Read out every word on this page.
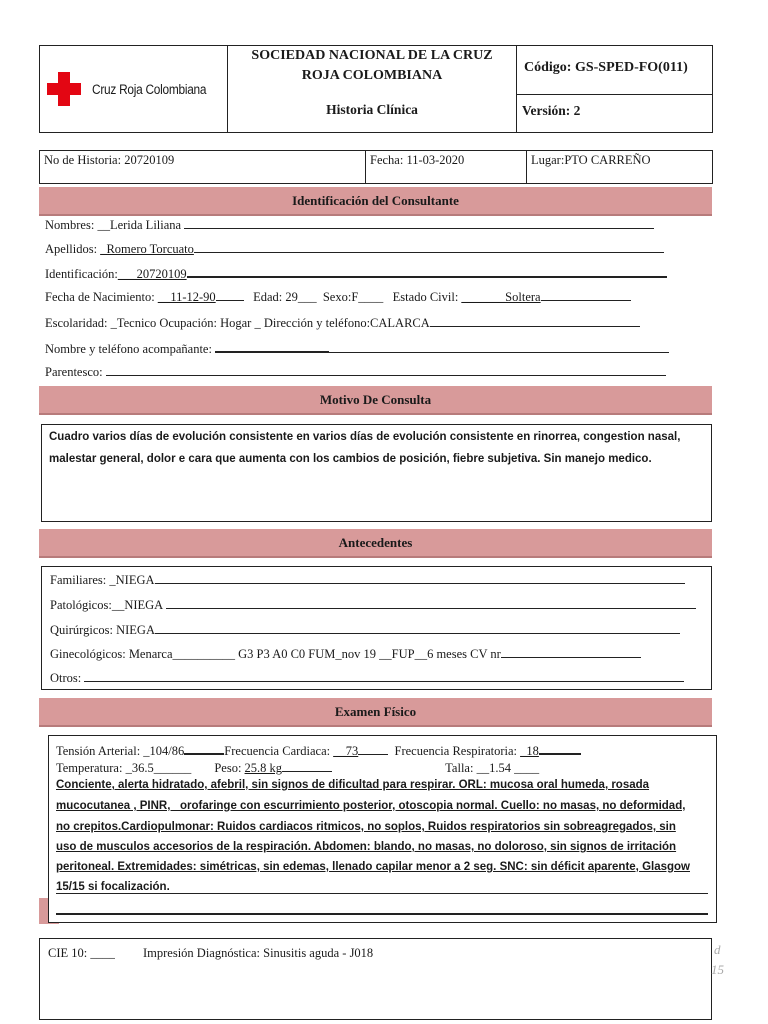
Cruz Roja Colombiana
SOCIEDAD NACIONAL DE LA CRUZ
ROJA COLOMBIANA
Historia Clínica
Código: GS-SPED-FO(011)
Versión: 2
No de Historia: 20720109	Fecha: 11-03-2020	Lugar:PTO CARREÑO
Identificación del Consultante
Nombres: __Lerida Liliana
Apellidos: _Romero Torcuato
Identificación:___20720109
Fecha de Nacimiento: __11-12-90	Edad: 29___ Sexo:F____ Estado Civil: _______Soltera
Escolaridad: _Tecnico Ocupación: Hogar _ Dirección y teléfono:CALARCA
Nombre y teléfono acompañante:
Parentesco:
Motivo De Consulta
Cuadro varios días de evolución consistente en varios días de evolución consistente en rinorrea, congestion nasal,
malestar general, dolor e cara que aumenta con los cambios de posición, fiebre subjetiva. Sin manejo medico.
Antecedentes
Familiares: _NIEGA
Patológicos:__NIEGA
Quirúrgicos: NIEGA
Ginecológicos: Menarca__________ G3 P3 A0 C0 FUM_nov 19 __FUP__6 meses CV nr
Otros:
Examen Físico
Tensión Arterial: _104/86	Frecuencia Cardiaca: __73	Frecuencia Respiratoria: _18
Temperatura: _36.5______ Peso: 25.8 kg	Talla: __1.54 ____
Conciente, alerta hidratado, afebril, sin signos de dificultad para respirar. ORL: mucosa oral humeda, rosada
mucocutanea , PINR, _orofaringe con escurrimiento posterior, otoscopia normal. Cuello: no masas, no deformidad,
no crepitos.Cardiopulmonar: Ruidos cardiacos ritmicos, no soplos, Ruidos respiratorios sin sobreagregados, sin
uso de musculos accesorios de la respiración. Abdomen: blando, no masas, no doloroso, sin signos de irritación
peritoneal. Extremidades: simétricas, sin edemas, llenado capilar menor a 2 seg. SNC: sin déficit aparente, Glasgow
15/15 si focalización.
CIE 10: ____ Impresión Diagnóstica: Sinusitis aguda - J018	d
15
